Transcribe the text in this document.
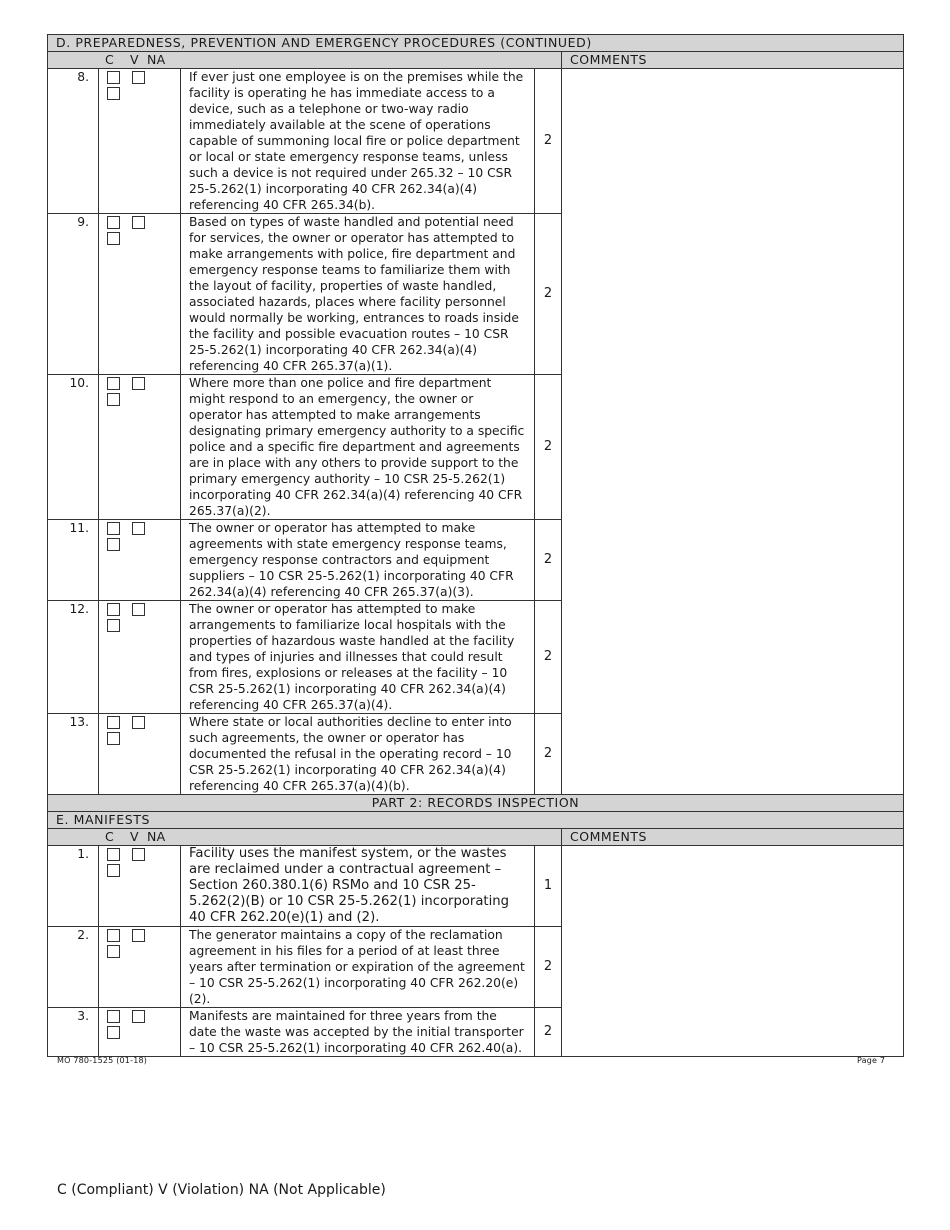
D. PREPAREDNESS, PREVENTION AND EMERGENCY PROCEDURES (CONTINUED)				
C V NA				COMMENTS
8.		If ever just one employee is on the premises while the facility is operating he has immediate access to a device, such as a telephone or two-way radio immediately available at the scene of operations capable of summoning local fire or police department or local or state emergency response teams, unless such a device is not required under 265.32 – 10 CSR 25-5.262(1) incorporating 40 CFR 262.34(a)(4) referencing 40 CFR 265.34(b).	2	
9.		Based on types of waste handled and potential need for services, the owner or operator has attempted to make arrangements with police, fire department and emergency response teams to familiarize them with the layout of facility, properties of waste handled, associated hazards, places where facility personnel would normally be working, entrances to roads inside the facility and possible evacuation routes – 10 CSR 25-5.262(1) incorporating 40 CFR 262.34(a)(4) referencing 40 CFR 265.37(a)(1).	2	
10.		Where more than one police and fire department might respond to an emergency, the owner or operator has attempted to make arrangements designating primary emergency authority to a specific police and a specific fire department and agreements are in place with any others to provide support to the primary emergency authority – 10 CSR 25-5.262(1) incorporating 40 CFR 262.34(a)(4) referencing 40 CFR 265.37(a)(2).	2	
11.		The owner or operator has attempted to make agreements with state emergency response teams, emergency response contractors and equipment suppliers – 10 CSR 25-5.262(1) incorporating 40 CFR 262.34(a)(4) referencing 40 CFR 265.37(a)(3).	2	
12.		The owner or operator has attempted to make arrangements to familiarize local hospitals with the properties of hazardous waste handled at the facility and types of injuries and illnesses that could result from fires, explosions or releases at the facility – 10 CSR 25-5.262(1) incorporating 40 CFR 262.34(a)(4) referencing 40 CFR 265.37(a)(4).	2	
13.		Where state or local authorities decline to enter into such agreements, the owner or operator has documented the refusal in the operating record – 10 CSR 25-5.262(1) incorporating 40 CFR 262.34(a)(4) referencing 40 CFR 265.37(a)(4)(b).	2	
PART 2: RECORDS INSPECTION				
E. MANIFESTS				
C V NA				COMMENTS
1.		Facility uses the manifest system, or the wastes are reclaimed under a contractual agreement – Section 260.380.1(6) RSMo and 10 CSR 25-5.262(2)(B) or 10 CSR 25-5.262(1) incorporating 40 CFR 262.20(e)(1) and (2).	1	
2.		The generator maintains a copy of the reclamation agreement in his files for a period of at least three years after termination or expiration of the agreement – 10 CSR 25-5.262(1) incorporating 40 CFR 262.20(e)(2).	2	
3.		Manifests are maintained for three years from the date the waste was accepted by the initial transporter – 10 CSR 25-5.262(1) incorporating 40 CFR 262.40(a).	2	
MO 780-1525 (01-18)	Page 7
C (Compliant) V (Violation) NA (Not Applicable)
